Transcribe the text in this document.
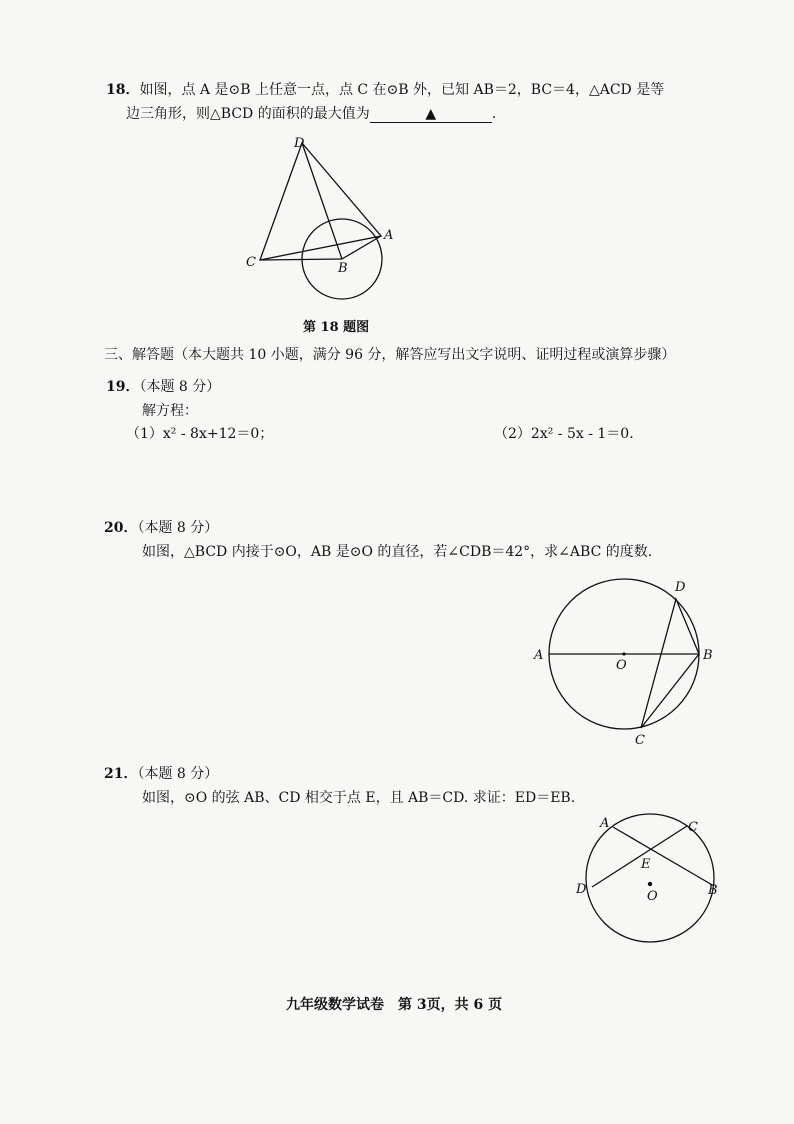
18．如图，点 A 是⊙B 上任意一点，点 C 在⊙B 外，已知 AB＝2，BC＝4，△ACD 是等
边三角形，则△BCD 的面积的最大值为	▲	.
D
A
C	B
第 18 题图
三、解答题（本大题共 10 小题，满分 96 分，解答应写出文字说明、证明过程或演算步骤）
19．（本题 8 分）
解方程：
（1）x² - 8x+12＝0；	（2）2x² - 5x - 1＝0.
20．（本题 8 分）
如图，△BCD 内接于⊙O，AB 是⊙O 的直径，若∠CDB＝42°，求∠ABC 的度数.
A
O
B
C
D
21．（本题 8 分）
如图，⊙O 的弦 AB、CD 相交于点 E，且 AB＝CD. 求证：ED＝EB.
A	C
E
D	O	B
九年级数学试卷　第 3页，共 6 页
